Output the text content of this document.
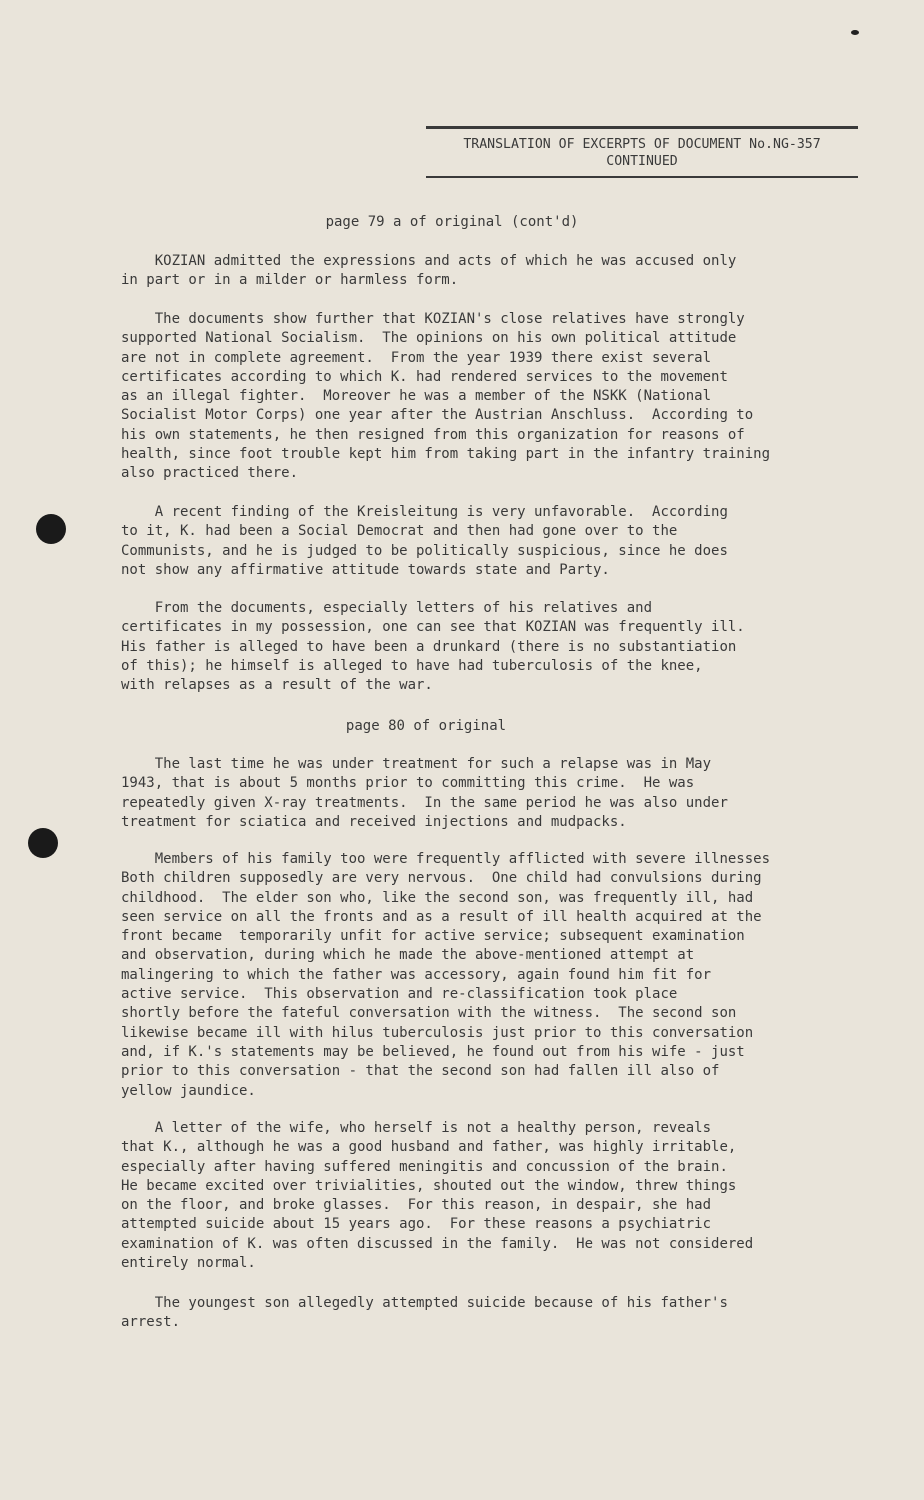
TRANSLATION OF EXCERPTS OF DOCUMENT No.NG-357
CONTINUED
page 79 a of original (cont'd)
KOZIAN admitted the expressions and acts of which he was accused only
in part or in a milder or harmless form.
The documents show further that KOZIAN's close relatives have strongly
supported National Socialism.  The opinions on his own political attitude
are not in complete agreement.  From the year 1939 there exist several
certificates according to which K. had rendered services to the movement
as an illegal fighter.  Moreover he was a member of the NSKK (National
Socialist Motor Corps) one year after the Austrian Anschluss.  According to
his own statements, he then resigned from this organization for reasons of
health, since foot trouble kept him from taking part in the infantry training
also practiced there.
A recent finding of the Kreisleitung is very unfavorable.  According
to it, K. had been a Social Democrat and then had gone over to the
Communists, and he is judged to be politically suspicious, since he does
not show any affirmative attitude towards state and Party.
From the documents, especially letters of his relatives and
certificates in my possession, one can see that KOZIAN was frequently ill.
His father is alleged to have been a drunkard (there is no substantiation
of this); he himself is alleged to have had tuberculosis of the knee,
with relapses as a result of the war.
page 80 of original
The last time he was under treatment for such a relapse was in May
1943, that is about 5 months prior to committing this crime.  He was
repeatedly given X-ray treatments.  In the same period he was also under
treatment for sciatica and received injections and mudpacks.
Members of his family too were frequently afflicted with severe illnesses
Both children supposedly are very nervous.  One child had convulsions during
childhood.  The elder son who, like the second son, was frequently ill, had
seen service on all the fronts and as a result of ill health acquired at the
front became  temporarily unfit for active service; subsequent examination
and observation, during which he made the above-mentioned attempt at
malingering to which the father was accessory, again found him fit for
active service.  This observation and re-classification took place
shortly before the fateful conversation with the witness.  The second son
likewise became ill with hilus tuberculosis just prior to this conversation
and, if K.'s statements may be believed, he found out from his wife - just
prior to this conversation - that the second son had fallen ill also of
yellow jaundice.
A letter of the wife, who herself is not a healthy person, reveals
that K., although he was a good husband and father, was highly irritable,
especially after having suffered meningitis and concussion of the brain.
He became excited over trivialities, shouted out the window, threw things
on the floor, and broke glasses.  For this reason, in despair, she had
attempted suicide about 15 years ago.  For these reasons a psychiatric
examination of K. was often discussed in the family.  He was not considered
entirely normal.
The youngest son allegedly attempted suicide because of his father's
arrest.
